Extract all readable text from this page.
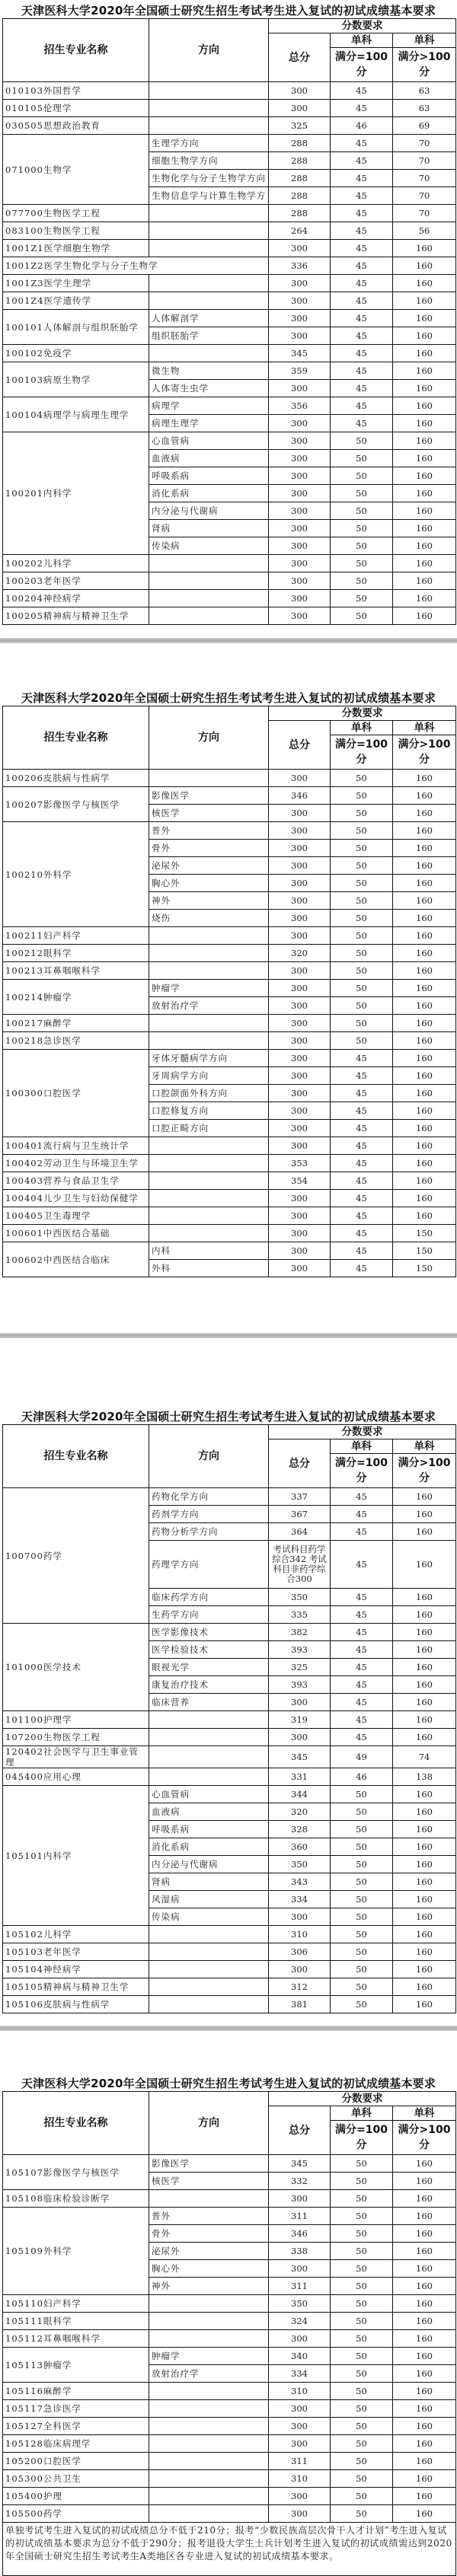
天津医科大学2020年全国硕士研究生招生考试考生进入复试的初试成绩基本要求
招生专业名称	方向	分数要求		
		总分	单科	单科
			满分=100分	满分>100分
010103外国哲学		300	45	63
010105伦理学		300	45	63
030505思想政治教育		325	46	69
071000生物学	生理学方向	288	45	70
	细胞生物学方向	288	45	70
	生物化学与分子生物学方向	288	45	70
	生物信息学与计算生物学方	288	45	70
077700生物医学工程		288	45	70
083100生物医学工程		264	45	56
1001Z1医学细胞生物学		300	45	160
1001Z2医学生物化学与分子生物学		336	45	160
1001Z3医学生理学		300	45	160
1001Z4医学遗传学		300	45	160
100101人体解剖与组织胚胎学	人体解剖学	300	45	160
	组织胚胎学	300	45	160
100102免疫学		345	45	160
100103病原生物学	微生物	359	45	160
	人体寄生虫学	300	45	160
100104病理学与病理生理学	病理学	356	45	160
	病理生理学	300	45	160
100201内科学	心血管病	300	50	160
	血液病	300	50	160
	呼吸系病	300	50	160
	消化系病	300	50	160
	内分泌与代谢病	300	50	160
	肾病	300	50	160
	传染病	300	50	160
100202儿科学		300	50	160
100203老年医学		300	50	160
100204神经病学		300	50	160
100205精神病与精神卫生学		300	50	160
天津医科大学2020年全国硕士研究生招生考试考生进入复试的初试成绩基本要求
招生专业名称	方向	分数要求		
		总分	单科	单科
			满分=100分	满分>100分
100206皮肤病与性病学		300	50	160
100207影像医学与核医学	影像医学	346	50	160
	核医学	300	50	160
100210外科学	普外	300	50	160
	骨外	300	50	160
	泌尿外	300	50	160
	胸心外	300	50	160
	神外	300	50	160
	烧伤	300	50	160
100211妇产科学		300	50	160
100212眼科学		320	50	160
100213耳鼻咽喉科学		300	50	160
100214肿瘤学	肿瘤学	300	50	160
	放射治疗学	300	50	160
100217麻醉学		300	50	160
100218急诊医学		300	50	160
100300口腔医学	牙体牙髓病学方向	300	45	160
	牙周病学方向	300	45	160
	口腔颌面外科方向	300	45	160
	口腔修复方向	300	45	160
	口腔正畸方向	300	45	160
100401流行病与卫生统计学		300	45	160
100402劳动卫生与环境卫生学		353	45	160
100403营养与食品卫生学		354	45	160
100404儿少卫生与妇幼保健学		300	45	160
100405卫生毒理学		300	45	160
100601中西医结合基础		300	45	150
100602中西医结合临床	内科	300	45	150
	外科	300	45	150
天津医科大学2020年全国硕士研究生招生考试考生进入复试的初试成绩基本要求
招生专业名称	方向	分数要求		
		总分	单科	单科
			满分=100分	满分>100分
100700药学	药物化学方向	337	45	160
	药剂学方向	367	45	160
	药物分析学方向	364	45	160
	药理学方向	考试科目药学综合342 考试科目非药学综合300	45	160
	临床药学方向	350	45	160
	生药学方向	335	45	160
101000医学技术	医学影像技术	382	45	160
	医学检验技术	393	45	160
	眼视光学	325	45	160
	康复治疗技术	393	45	160
	临床营养	300	45	160
101100护理学		319	45	160
107200生物医学工程		300	45	160
120402社会医学与卫生事业管理		345	49	74
045400应用心理		331	46	138
105101内科学	心血管病	344	50	160
	血液病	320	50	160
	呼吸系病	328	50	160
	消化系病	360	50	160
	内分泌与代谢病	350	50	160
	肾病	343	50	160
	风湿病	334	50	160
	传染病	300	50	160
105102儿科学		310	50	160
105103老年医学		306	50	160
105104神经病学		300	50	160
105105精神病与精神卫生学		312	50	160
105106皮肤病与性病学		381	50	160
天津医科大学2020年全国硕士研究生招生考试考生进入复试的初试成绩基本要求
招生专业名称	方向	分数要求		
		总分	单科	单科
			满分=100分	满分>100分
105107影像医学与核医学	影像医学	345	50	160
	核医学	332	50	160
105108临床检验诊断学		300	50	160
105109外科学	普外	311	50	160
	骨外	346	50	160
	泌尿外	338	50	160
	胸心外	300	50	160
	神外	311	50	160
105110妇产科学		350	50	160
105111眼科学		324	50	160
105112耳鼻咽喉科学		300	50	160
105113肿瘤学	肿瘤学	340	50	160
	放射治疗学	334	50	160
105116麻醉学		310	50	160
105117急诊医学		300	50	160
105127全科医学		300	50	160
105128临床病理学		300	50	160
105200口腔医学		311	50	160
105300公共卫生		310	50	160
105400护理		300	50	160
105500药学		300	50	160
单独考试考生进入复试的初试成绩总分不低于210分；报考“少数民族高层次骨干人才计划”考生进入复试的初试成绩基本要求为总分不低于290分；报考退役大学生士兵计划考生进入复试的初试成绩需达到2020年全国硕士研究生招生考试考生A类地区各专业进入复试的初试成绩基本要求。				
